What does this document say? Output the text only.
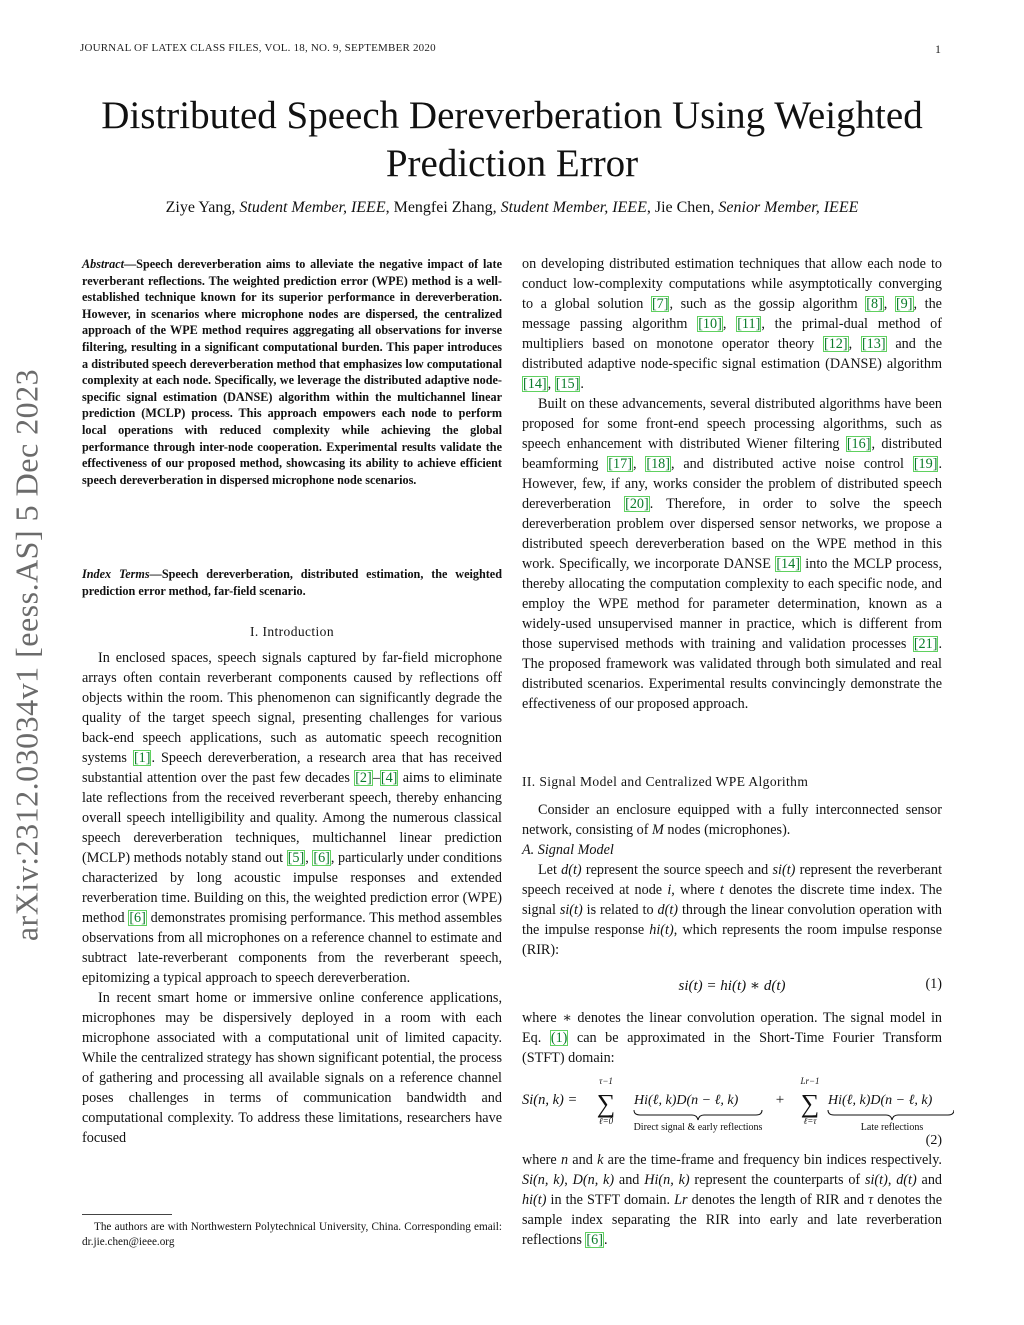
JOURNAL OF LATEX CLASS FILES, VOL. 18, NO. 9, SEPTEMBER 2020	1
Distributed Speech Dereverberation Using Weighted Prediction Error
Ziye Yang, Student Member, IEEE, Mengfei Zhang, Student Member, IEEE, Jie Chen, Senior Member, IEEE
arXiv:2312.03034v1 [eess.AS] 5 Dec 2023
Abstract—Speech dereverberation aims to alleviate the negative impact of late reverberant reflections. The weighted prediction error (WPE) method is a well-established technique known for its superior performance in dereverberation. However, in scenarios where microphone nodes are dispersed, the centralized approach of the WPE method requires aggregating all observations for inverse filtering, resulting in a significant computational burden. This paper introduces a distributed speech dereverberation method that emphasizes low computational complexity at each node. Specifically, we leverage the distributed adaptive node-specific signal estimation (DANSE) algorithm within the multichannel linear prediction (MCLP) process. This approach empowers each node to perform local operations with reduced complexity while achieving the global performance through inter-node cooperation. Experimental results validate the effectiveness of our proposed method, showcasing its ability to achieve efficient speech dereverberation in dispersed microphone node scenarios.
Index Terms—Speech dereverberation, distributed estimation, the weighted prediction error method, far-field scenario.
I. Introduction

In enclosed spaces, speech signals captured by far-field microphone arrays often contain reverberant components caused by reflections off objects within the room. This phenomenon can significantly degrade the quality of the target speech signal, presenting challenges for various back-end speech applications, such as automatic speech recognition systems [1]. Speech dereverberation, a research area that has received substantial attention over the past few decades [2]–[4] aims to eliminate late reflections from the received reverberant speech, thereby enhancing overall speech intelligibility and quality. Among the numerous classical speech dereverberation techniques, multichannel linear prediction (MCLP) methods notably stand out [5], [6], particularly under conditions characterized by long acoustic impulse responses and extended reverberation time. Building on this, the weighted prediction error (WPE) method [6] demonstrates promising performance. This method assembles observations from all microphones on a reference channel to estimate and subtract late-reverberant components from the reverberant speech, epitomizing a typical approach to speech dereverberation.

In recent smart home or immersive online conference applications, microphones may be dispersively deployed in a room with each microphone associated with a computational unit of limited capacity. While the centralized strategy has shown significant potential, the process of gathering and processing all available signals on a reference channel poses challenges in terms of communication bandwidth and computational complexity. To address these limitations, researchers have focused

The authors are with Northwestern Polytechnical University, China. Corresponding email: dr.jie.chen@ieee.org

on developing distributed estimation techniques that allow each node to conduct low-complexity computations while asymptotically converging to a global solution [7], such as the gossip algorithm [8], [9], the message passing algorithm [10], [11], the primal-dual method of multipliers based on monotone operator theory [12], [13] and the distributed adaptive node-specific signal estimation (DANSE) algorithm [14], [15].

Built on these advancements, several distributed algorithms have been proposed for some front-end speech processing algorithms, such as speech enhancement with distributed Wiener filtering [16], distributed beamforming [17], [18], and distributed active noise control [19]. However, few, if any, works consider the problem of distributed speech dereverberation [20]. Therefore, in order to solve the speech dereverberation problem over dispersed sensor networks, we propose a distributed speech dereverberation based on the WPE method in this work. Specifically, we incorporate DANSE [14] into the MCLP process, thereby allocating the computation complexity to each specific node, and employ the WPE method for parameter determination, known as a widely-used unsupervised manner in practice, which is different from those supervised methods with training and validation processes [21]. The proposed framework was validated through both simulated and real distributed scenarios. Experimental results convincingly demonstrate the effectiveness of our proposed approach.

II. Signal Model and Centralized WPE Algorithm

Consider an enclosure equipped with a fully interconnected sensor network, consisting of M nodes (microphones).

A. Signal Model

Let d(t) represent the source speech and si(t) represent the reverberant speech received at node i, where t denotes the discrete time index. The signal si(t) is related to d(t) through the linear convolution operation with the impulse response hi(t), which represents the room impulse response (RIR):

si(t) = hi(t) ∗ d(t)	(1)

where ∗ denotes the linear convolution operation. The signal model in Eq. (1) can be approximated in the Short-Time Fourier Transform (STFT) domain:

Si(n, k) =
τ−1
∑
ℓ=0
Hi(ℓ, k)D(n − ℓ, k)
Direct signal & early reflections
+
Lr−1
∑
ℓ=τ
Hi(ℓ, k)D(n − ℓ, k)
Late reflections
(2)

where n and k are the time-frame and frequency bin indices respectively. Si(n, k), D(n, k) and Hi(n, k) represent the counterparts of si(t), d(t) and hi(t) in the STFT domain. Lr denotes the length of RIR and τ denotes the sample index separating the RIR into early and late reverberation reflections [6].
